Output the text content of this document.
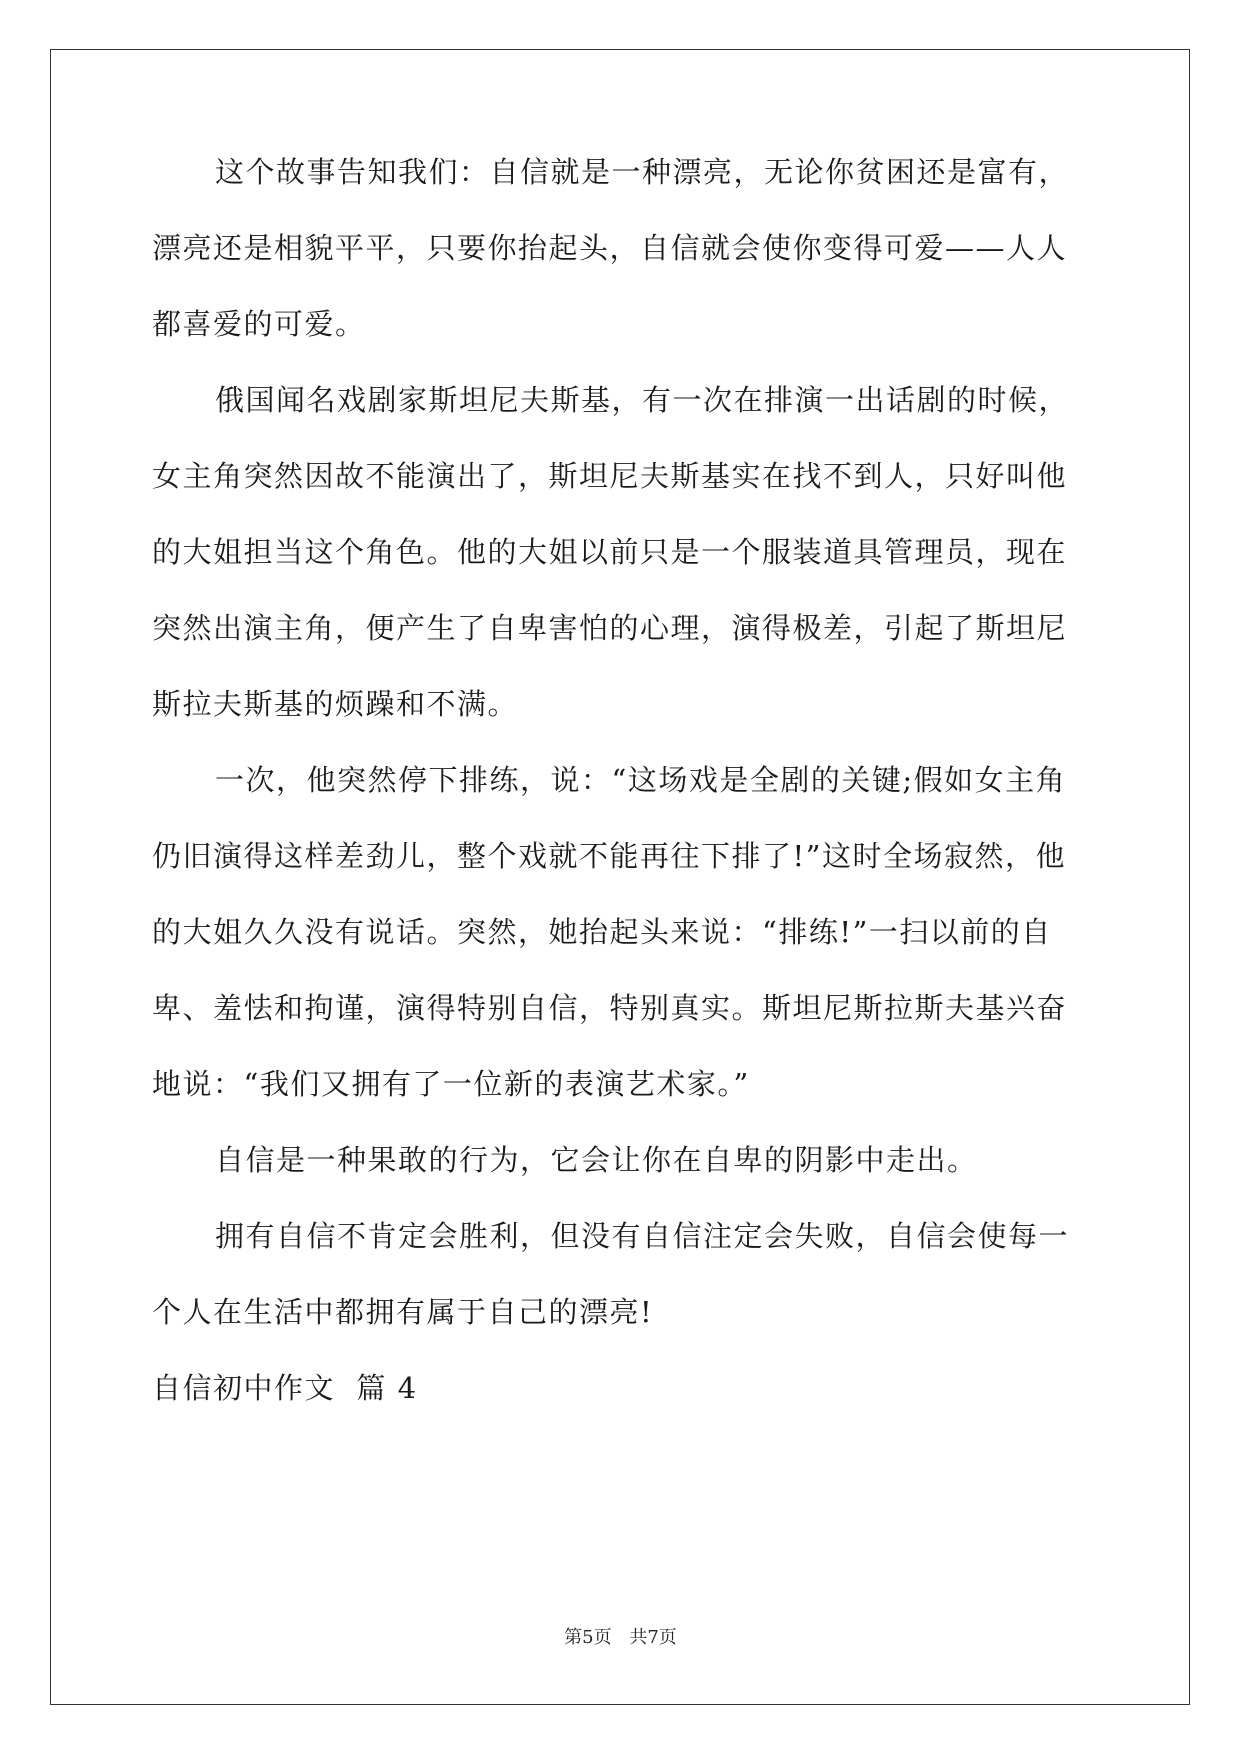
这个故事告知我们：自信就是一种漂亮，无论你贫困还是富有，
漂亮还是相貌平平，只要你抬起头，自信就会使你变得可爱——人人
都喜爱的可爱。
俄国闻名戏剧家斯坦尼夫斯基，有一次在排演一出话剧的时候，
女主角突然因故不能演出了，斯坦尼夫斯基实在找不到人，只好叫他
的大姐担当这个角色。他的大姐以前只是一个服装道具管理员，现在
突然出演主角，便产生了自卑害怕的心理，演得极差，引起了斯坦尼
斯拉夫斯基的烦躁和不满。
一次，他突然停下排练，说：“这场戏是全剧的关键;假如女主角
仍旧演得这样差劲儿，整个戏就不能再往下排了!”这时全场寂然，他
的大姐久久没有说话。突然，她抬起头来说：“排练!”一扫以前的自
卑、羞怯和拘谨，演得特别自信，特别真实。斯坦尼斯拉斯夫基兴奋
地说：“我们又拥有了一位新的表演艺术家。”
自信是一种果敢的行为，它会让你在自卑的阴影中走出。
拥有自信不肯定会胜利，但没有自信注定会失败，自信会使每一
个人在生活中都拥有属于自己的漂亮!
自信初中作文  篇 4
第5页 共7页
